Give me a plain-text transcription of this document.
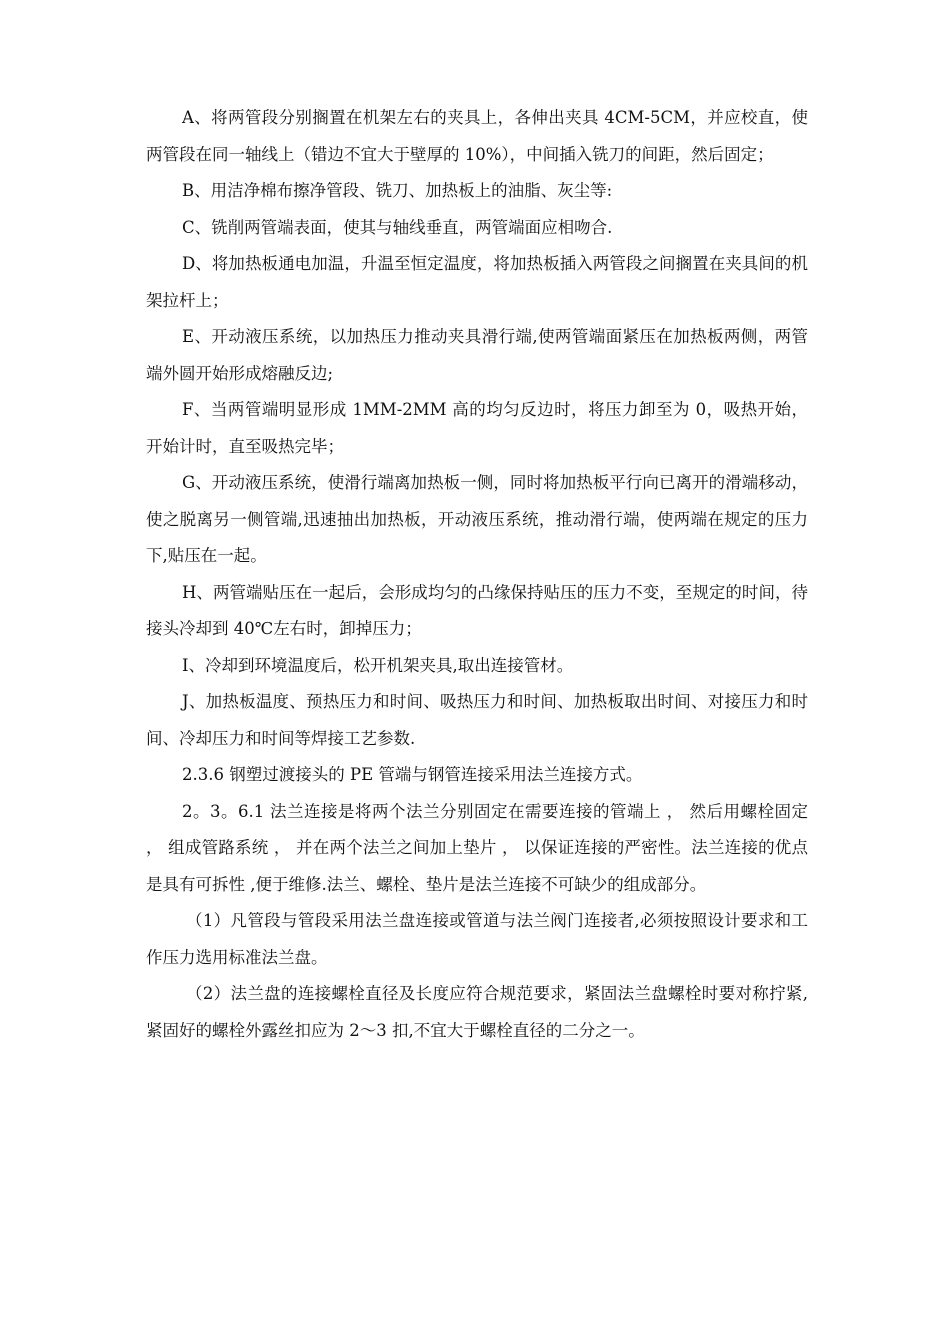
A、将两管段分别搁置在机架左右的夹具上，各伸出夹具 4CM-5CM，并应校直，使两管段在同一轴线上（错边不宜大于壁厚的 10%），中间插入铣刀的间距，然后固定；

B、用洁净棉布擦净管段、铣刀、加热板上的油脂、灰尘等:

C、铣削两管端表面，使其与轴线垂直，两管端面应相吻合.

D、将加热板通电加温，升温至恒定温度，将加热板插入两管段之间搁置在夹具间的机架拉杆上；

E、开动液压系统，以加热压力推动夹具滑行端,使两管端面紧压在加热板两侧，两管端外圆开始形成熔融反边;

F、当两管端明显形成 1MM-2MM 高的均匀反边时，将压力卸至为 0，吸热开始，开始计时，直至吸热完毕；

G、开动液压系统，使滑行端离加热板一侧，同时将加热板平行向已离开的滑端移动，使之脱离另一侧管端,迅速抽出加热板，开动液压系统，推动滑行端，使两端在规定的压力下,贴压在一起。

H、两管端贴压在一起后，会形成均匀的凸缘保持贴压的压力不变，至规定的时间，待接头冷却到 40℃左右时，卸掉压力；

I、冷却到环境温度后，松开机架夹具,取出连接管材。

J、加热板温度、预热压力和时间、吸热压力和时间、加热板取出时间、对接压力和时间、冷却压力和时间等焊接工艺参数.

2.3.6 钢塑过渡接头的 PE 管端与钢管连接采用法兰连接方式。

2。3。6.1 法兰连接是将两个法兰分别固定在需要连接的管端上 ， 然后用螺栓固定 ， 组成管路系统 ， 并在两个法兰之间加上垫片 ， 以保证连接的严密性。法兰连接的优点是具有可拆性 ,便于维修.法兰、螺栓、垫片是法兰连接不可缺少的组成部分。

（1）凡管段与管段采用法兰盘连接或管道与法兰阀门连接者,必须按照设计要求和工作压力选用标准法兰盘。

（2）法兰盘的连接螺栓直径及长度应符合规范要求，紧固法兰盘螺栓时要对称拧紧,紧固好的螺栓外露丝扣应为 2～3 扣,不宜大于螺栓直径的二分之一。
